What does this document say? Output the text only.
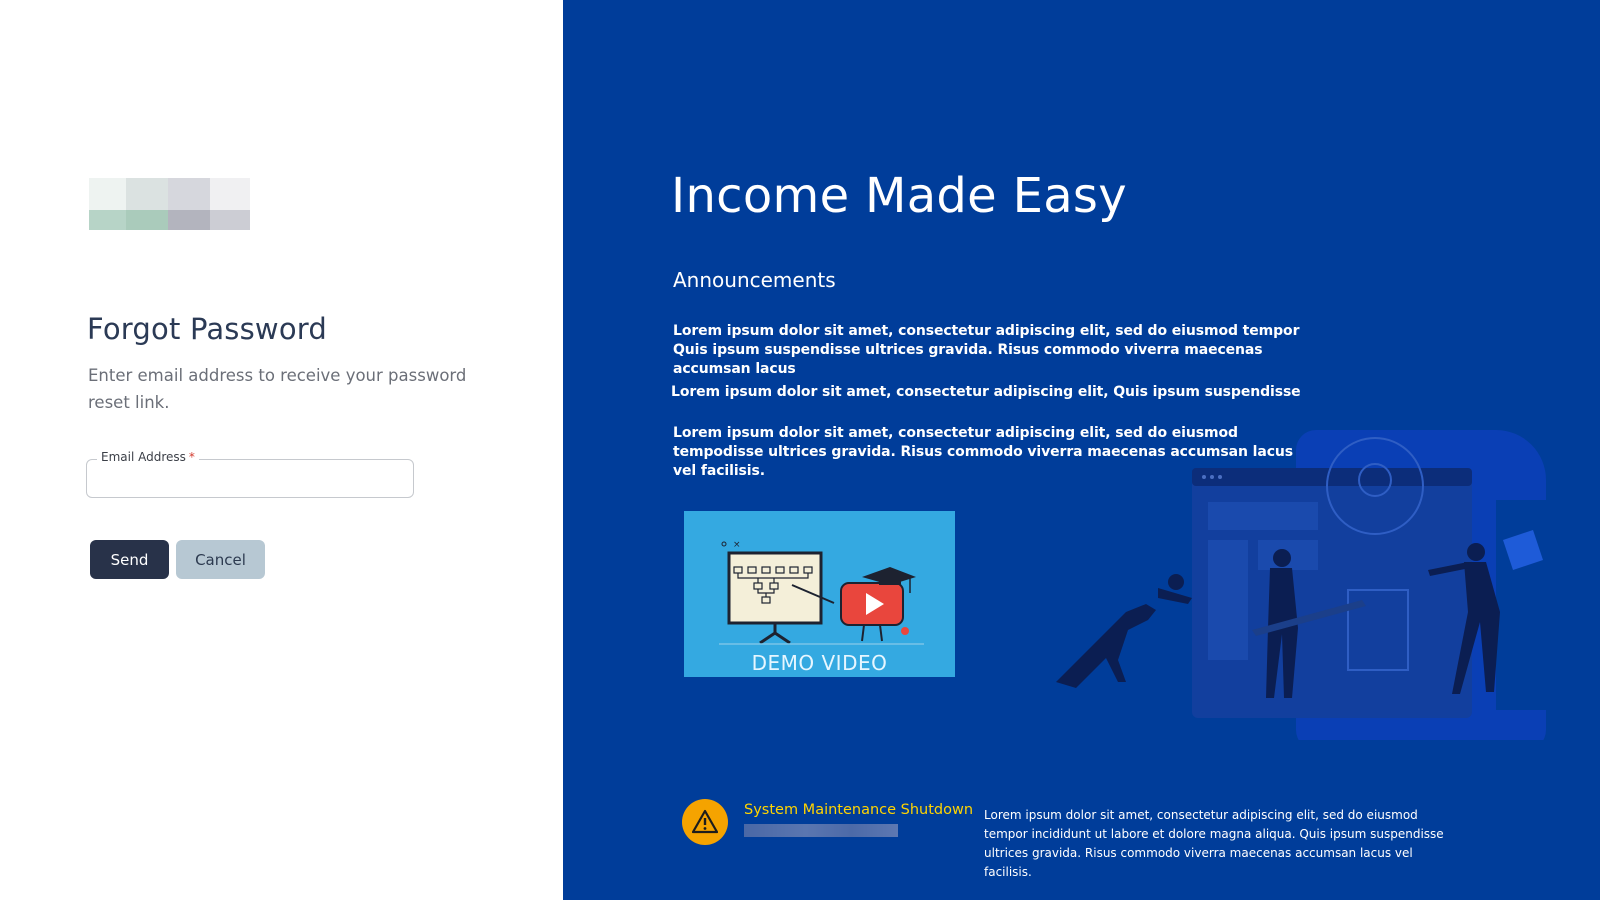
Forgot Password

Enter email address to receive your password reset link.

Email Address *
Send	Cancel
Income Made Easy
Announcements

Lorem ipsum dolor sit amet, consectetur adipiscing elit, sed do eiusmod tempor Quis ipsum suspendisse ultrices gravida. Risus commodo viverra maecenas accumsan lacus

Lorem ipsum dolor sit amet, consectetur adipiscing elit, Quis ipsum suspendisse

Lorem ipsum dolor sit amet, consectetur adipiscing elit, sed do eiusmod tempodisse ultrices gravida. Risus commodo viverra maecenas accumsan lacus vel facilisis.

×
DEMO VIDEO

System Maintenance Shutdown Lorem ipsum dolor sit amet, consectetur adipiscing elit, sed do eiusmod tempor incididunt ut labore et dolore magna aliqua. Quis ipsum suspendisse ultrices gravida. Risus commodo viverra maecenas accumsan lacus vel facilisis.
